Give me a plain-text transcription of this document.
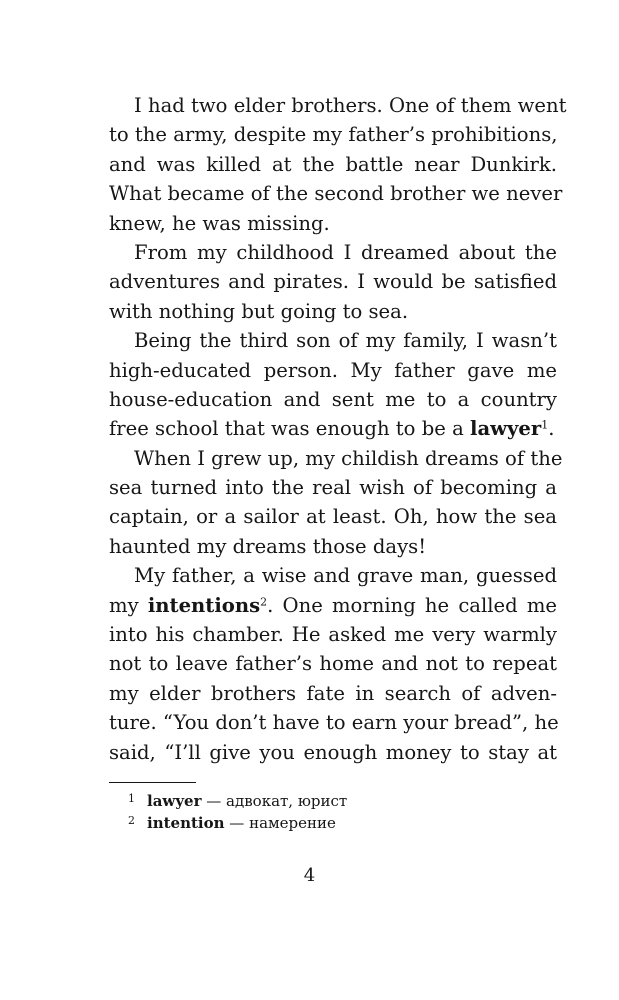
I had two elder brothers. One of them went
to the army, despite my father’s prohibitions,
and was killed at the battle near Dunkirk.
What became of the second brother we never
knew, he was missing.
From my childhood I dreamed about the
adventures and pirates. I would be satisfied
with nothing but going to sea.
Being the third son of my family, I wasn’t
high-educated person. My father gave me
house-education and sent me to a country
free school that was enough to be a lawyer$^1$.
When I grew up, my childish dreams of the
sea turned into the real wish of becoming a
captain, or a sailor at least. Oh, how the sea
haunted my dreams those days!
My father, a wise and grave man, guessed
my intentions$^2$. One morning he called me
into his chamber. He asked me very warmly
not to leave father’s home and not to repeat
my elder brothers fate in search of adven-
ture. “You don’t have to earn your bread”, he
said, “I’ll give you enough money to stay at
1 lawyer — адвокат, юрист
2 intention — намерение
4
